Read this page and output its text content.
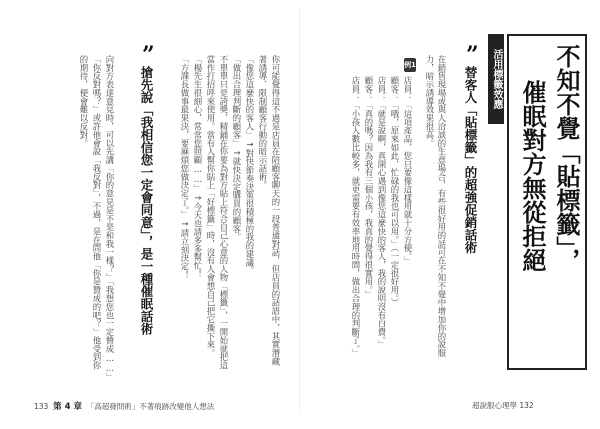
不知不覺「貼標籤」，
催眠對方無從拒絕
活用標籤效應
”
替客人「貼標籤」的超強促銷話術
在銷售現場或與人洽談的生意場合，有些很好用的話可在不知不覺中增加你的說服
力，暗示誘導效果很高。
例1
店員：「這項產品，您只要像這樣用就十分方便。」
顧客：「哦，原來如此，忙碌的我也可以用。」（一定很好用。）
店員：「就是說啊，真開心遇到像您這麼快的客人，我的說明沒有白費。」
顧客：「真的嗎？因為我有三個小孩，我真的覺得很實用。」
店員：「小孩人數比較多，就更需要有效率地用時間，做出合理的判斷了。」
超說服心理學 132
你可能覺得這不過是店員在陪顧客聊天的一段普通對話，但店員的話語中，其實潛藏
著誘導、限制顧客行動的暗示話術。
「像您這麼快的客人」→對快節奏決策很積極的我的建議。
「做出合理判斷的顧客」→就快決定購買的顧客。
不單單只是誇獎，精鋪在你要為對方貼上符合自己心意的人物「標籤」，一開始就把這
當作打招呼來使用。當有人幫你貼上「好標籤」時，沒有人會想自己把它撕下來。
「楊先生很細心，常常您照顧……」→今天也請多多幫忙！
「方課長做事最果決，要麻煩您做決定了。」→請立刻決定！
”
搶先說「我相信您一定會同意」，是一種催眠話術
向對方表達意見時，可以先講「你的意見是不是和我一樣？」「我想您也一定贊成……」
「你反對嗎？」或許他會說「我反對」，不過，是在問他「你是贊成的吧？」他受到你
的期待，便會難以反對。
133 第 4 章 「高超發問術」不著痕跡改變他人想法
